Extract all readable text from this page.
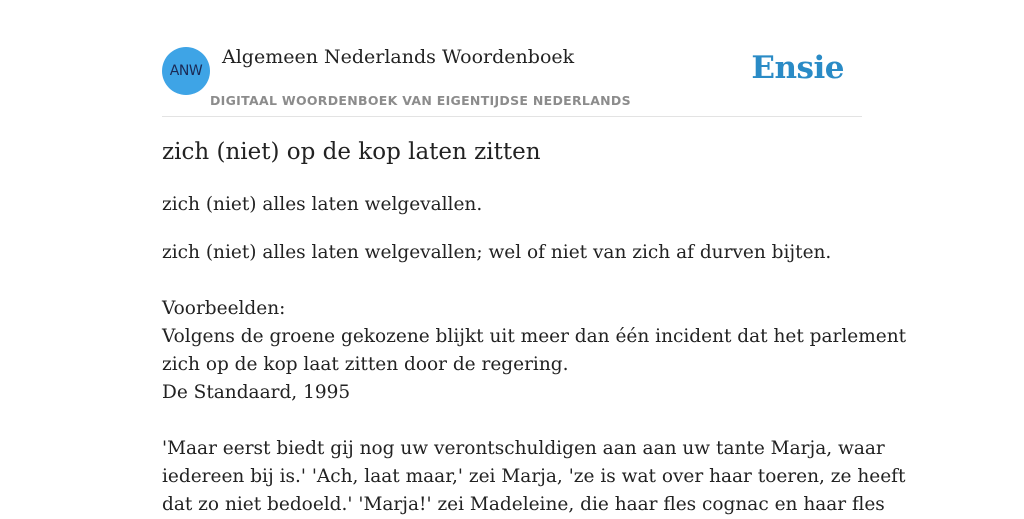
ANW
Algemeen Nederlands Woordenboek
DIGITAAL WOORDENBOEK VAN EIGENTIJDSE NEDERLANDS
Ensie
zich (niet) op de kop laten zitten
zich (niet) alles laten welgevallen.
zich (niet) alles laten welgevallen; wel of niet van zich af durven bijten.
Voorbeelden:
Volgens de groene gekozene blijkt uit meer dan één incident dat het parlement
zich op de kop laat zitten door de regering.
De Standaard, 1995
'Maar eerst biedt gij nog uw verontschuldigen aan aan uw tante Marja, waar
iedereen bij is.' 'Ach, laat maar,' zei Marja, 'ze is wat over haar toeren, ze heeft
dat zo niet bedoeld.' 'Marja!' zei Madeleine, die haar fles cognac en haar fles
